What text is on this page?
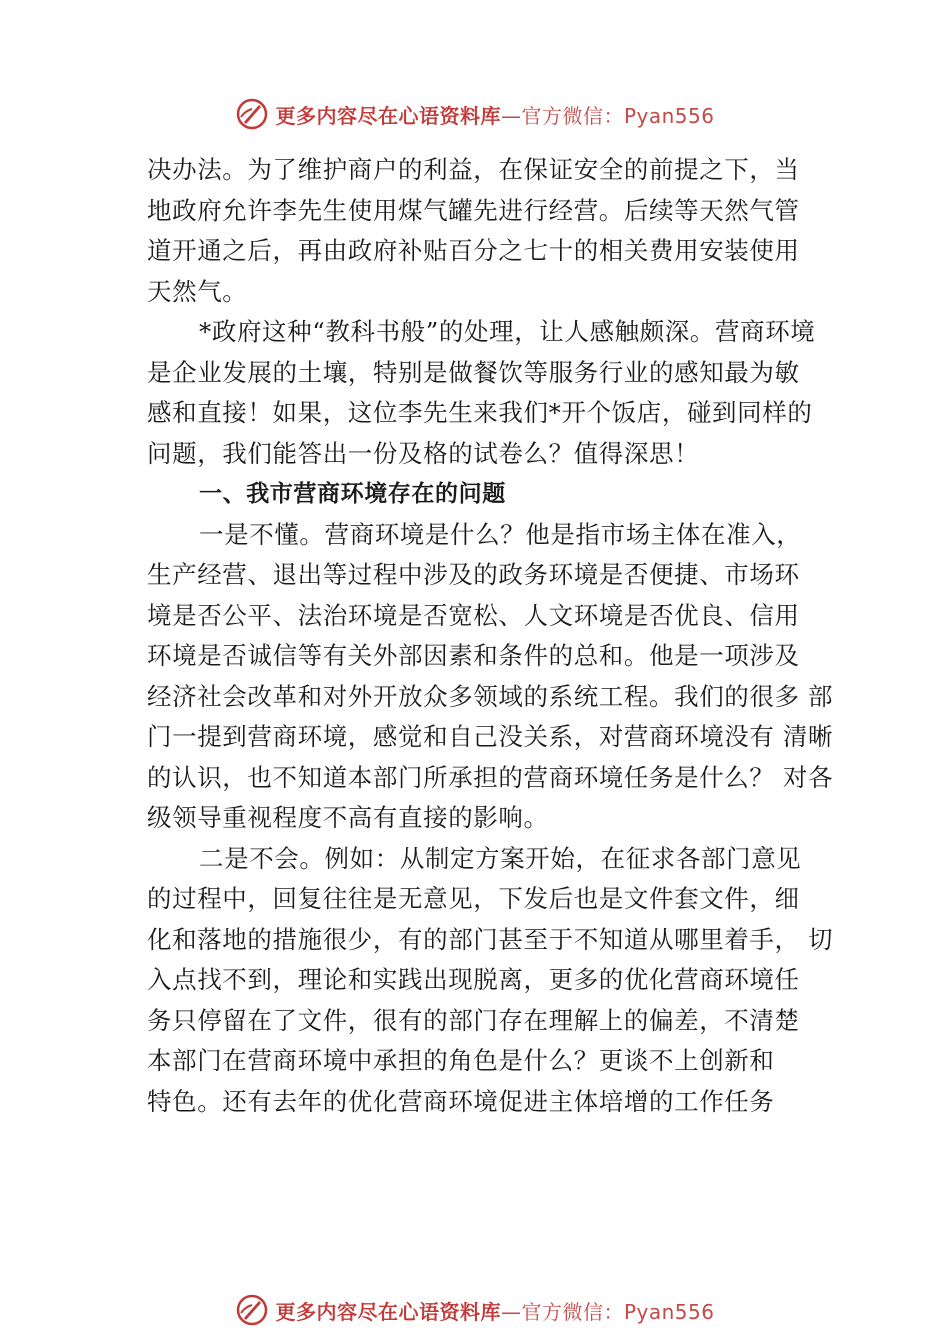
更多内容尽在心语资料库—官方微信：Pyan556
决办法。为了维护商户的利益，在保证安全的前提之下，当
地政府允许李先生使用煤气罐先进行经营。后续等天然气管
道开通之后，再由政府补贴百分之七十的相关费用安装使用
天然气。
*政府这种“教科书般”的处理，让人感触颇深。营商环境
是企业发展的土壤，特别是做餐饮等服务行业的感知最为敏
感和直接！如果，这位李先生来我们*开个饭店，碰到同样的
问题，我们能答出一份及格的试卷么？值得深思！
一、我市营商环境存在的问题
一是不懂。营商环境是什么？他是指市场主体在准入，
生产经营、退出等过程中涉及的政务环境是否便捷、市场环
境是否公平、法治环境是否宽松、人文环境是否优良、信用
环境是否诚信等有关外部因素和条件的总和。他是一项涉及
经济社会改革和对外开放众多领域的系统工程。我们的很多 部
门一提到营商环境，感觉和自己没关系，对营商环境没有 清晰
的认识，也不知道本部门所承担的营商环境任务是什么？ 对各
级领导重视程度不高有直接的影响。
二是不会。例如：从制定方案开始，在征求各部门意见
的过程中，回复往往是无意见，下发后也是文件套文件，细
化和落地的措施很少，有的部门甚至于不知道从哪里着手， 切
入点找不到，理论和实践出现脱离，更多的优化营商环境任
务只停留在了文件，很有的部门存在理解上的偏差，不清楚
本部门在营商环境中承担的角色是什么？更谈不上创新和
特色。还有去年的优化营商环境促进主体培增的工作任务
更多内容尽在心语资料库—官方微信：Pyan556
